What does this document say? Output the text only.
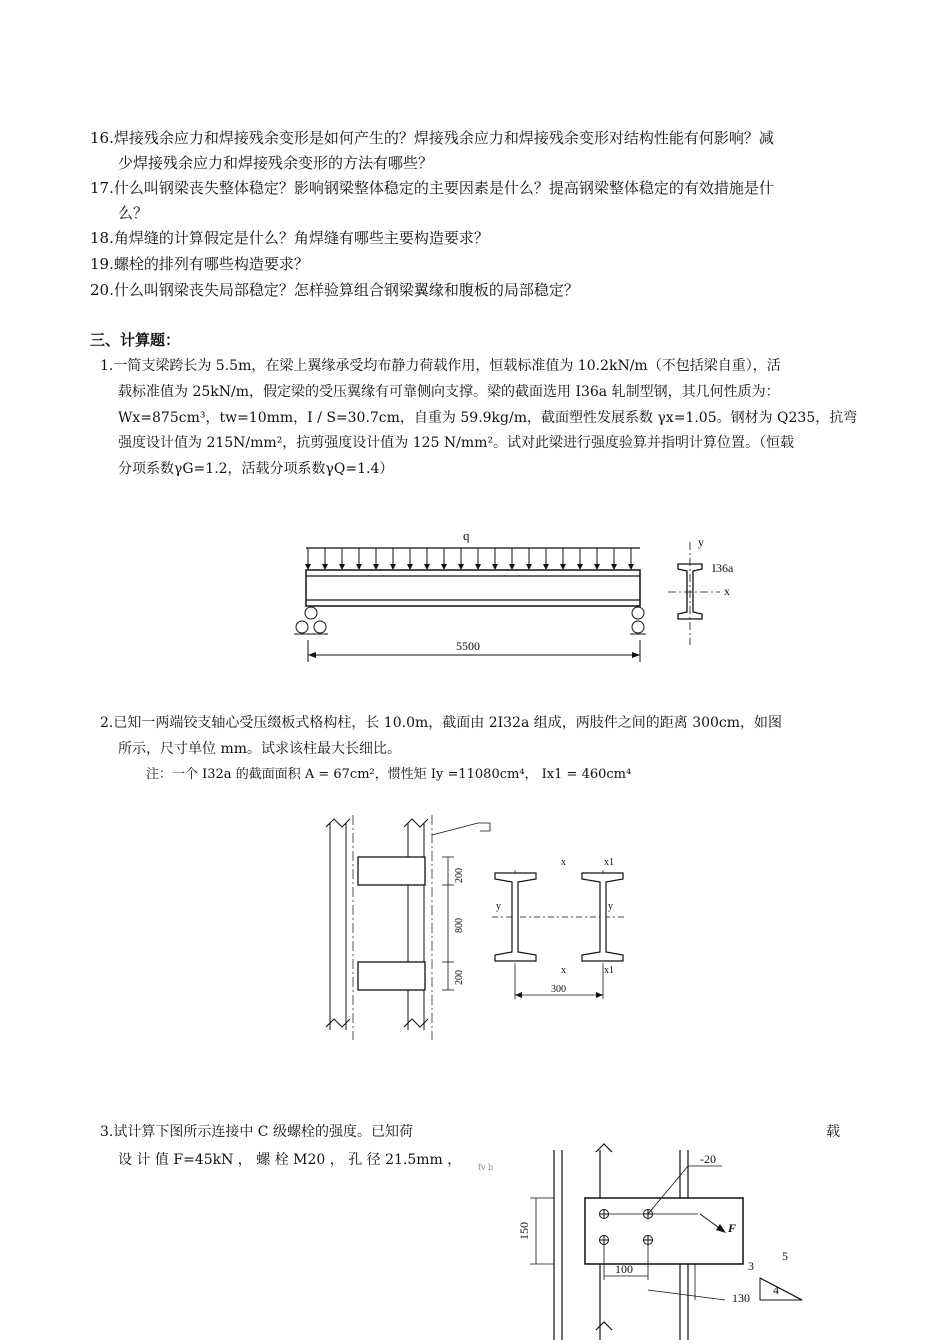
16.焊接残余应力和焊接残余变形是如何产生的？焊接残余应力和焊接残余变形对结构性能有何影响？减
少焊接残余应力和焊接残余变形的方法有哪些？
17.什么叫钢梁丧失整体稳定？影响钢梁整体稳定的主要因素是什么？提高钢梁整体稳定的有效措施是什
么？
18.角焊缝的计算假定是什么？角焊缝有哪些主要构造要求？
19.螺栓的排列有哪些构造要求？
20.什么叫钢梁丧失局部稳定？怎样验算组合钢梁翼缘和腹板的局部稳定？
三、计算题：
1.一简支梁跨长为 5.5m，在梁上翼缘承受均布静力荷载作用，恒载标准值为 10.2kN/m（不包括梁自重），活
载标准值为 25kN/m，假定梁的受压翼缘有可靠侧向支撑。梁的截面选用 I36a 轧制型钢，其几何性质为：
Wx=875cm³，tw=10mm，I / S=30.7cm，自重为 59.9kg/m，截面塑性发展系数 γx=1.05。钢材为 Q235，抗弯
强度设计值为 215N/mm²，抗剪强度设计值为 125 N/mm²。试对此梁进行强度验算并指明计算位置。（恒载
分项系数γG=1.2，活载分项系数γQ=1.4）
q
5500
I36a
y
x
2.已知一两端铰支轴心受压缀板式格构柱，长 10.0m，截面由 2I32a 组成，两肢件之间的距离 300cm，如图
所示，尺寸单位 mm。试求该柱最大长细比。
注：一个 I32a 的截面面积 A = 67cm²，惯性矩 Iy =11080cm⁴， Ix1 = 460cm⁴
200
800
200
x	x1
y	y
x	x1
300
3.试计算下图所示连接中 C 级螺栓的强度。已知荷	载
设 计 值 F=45kN ， 螺 栓 M20 ， 孔 径 21.5mm ， fv b
-20
F
150
100
130
5
3
4
